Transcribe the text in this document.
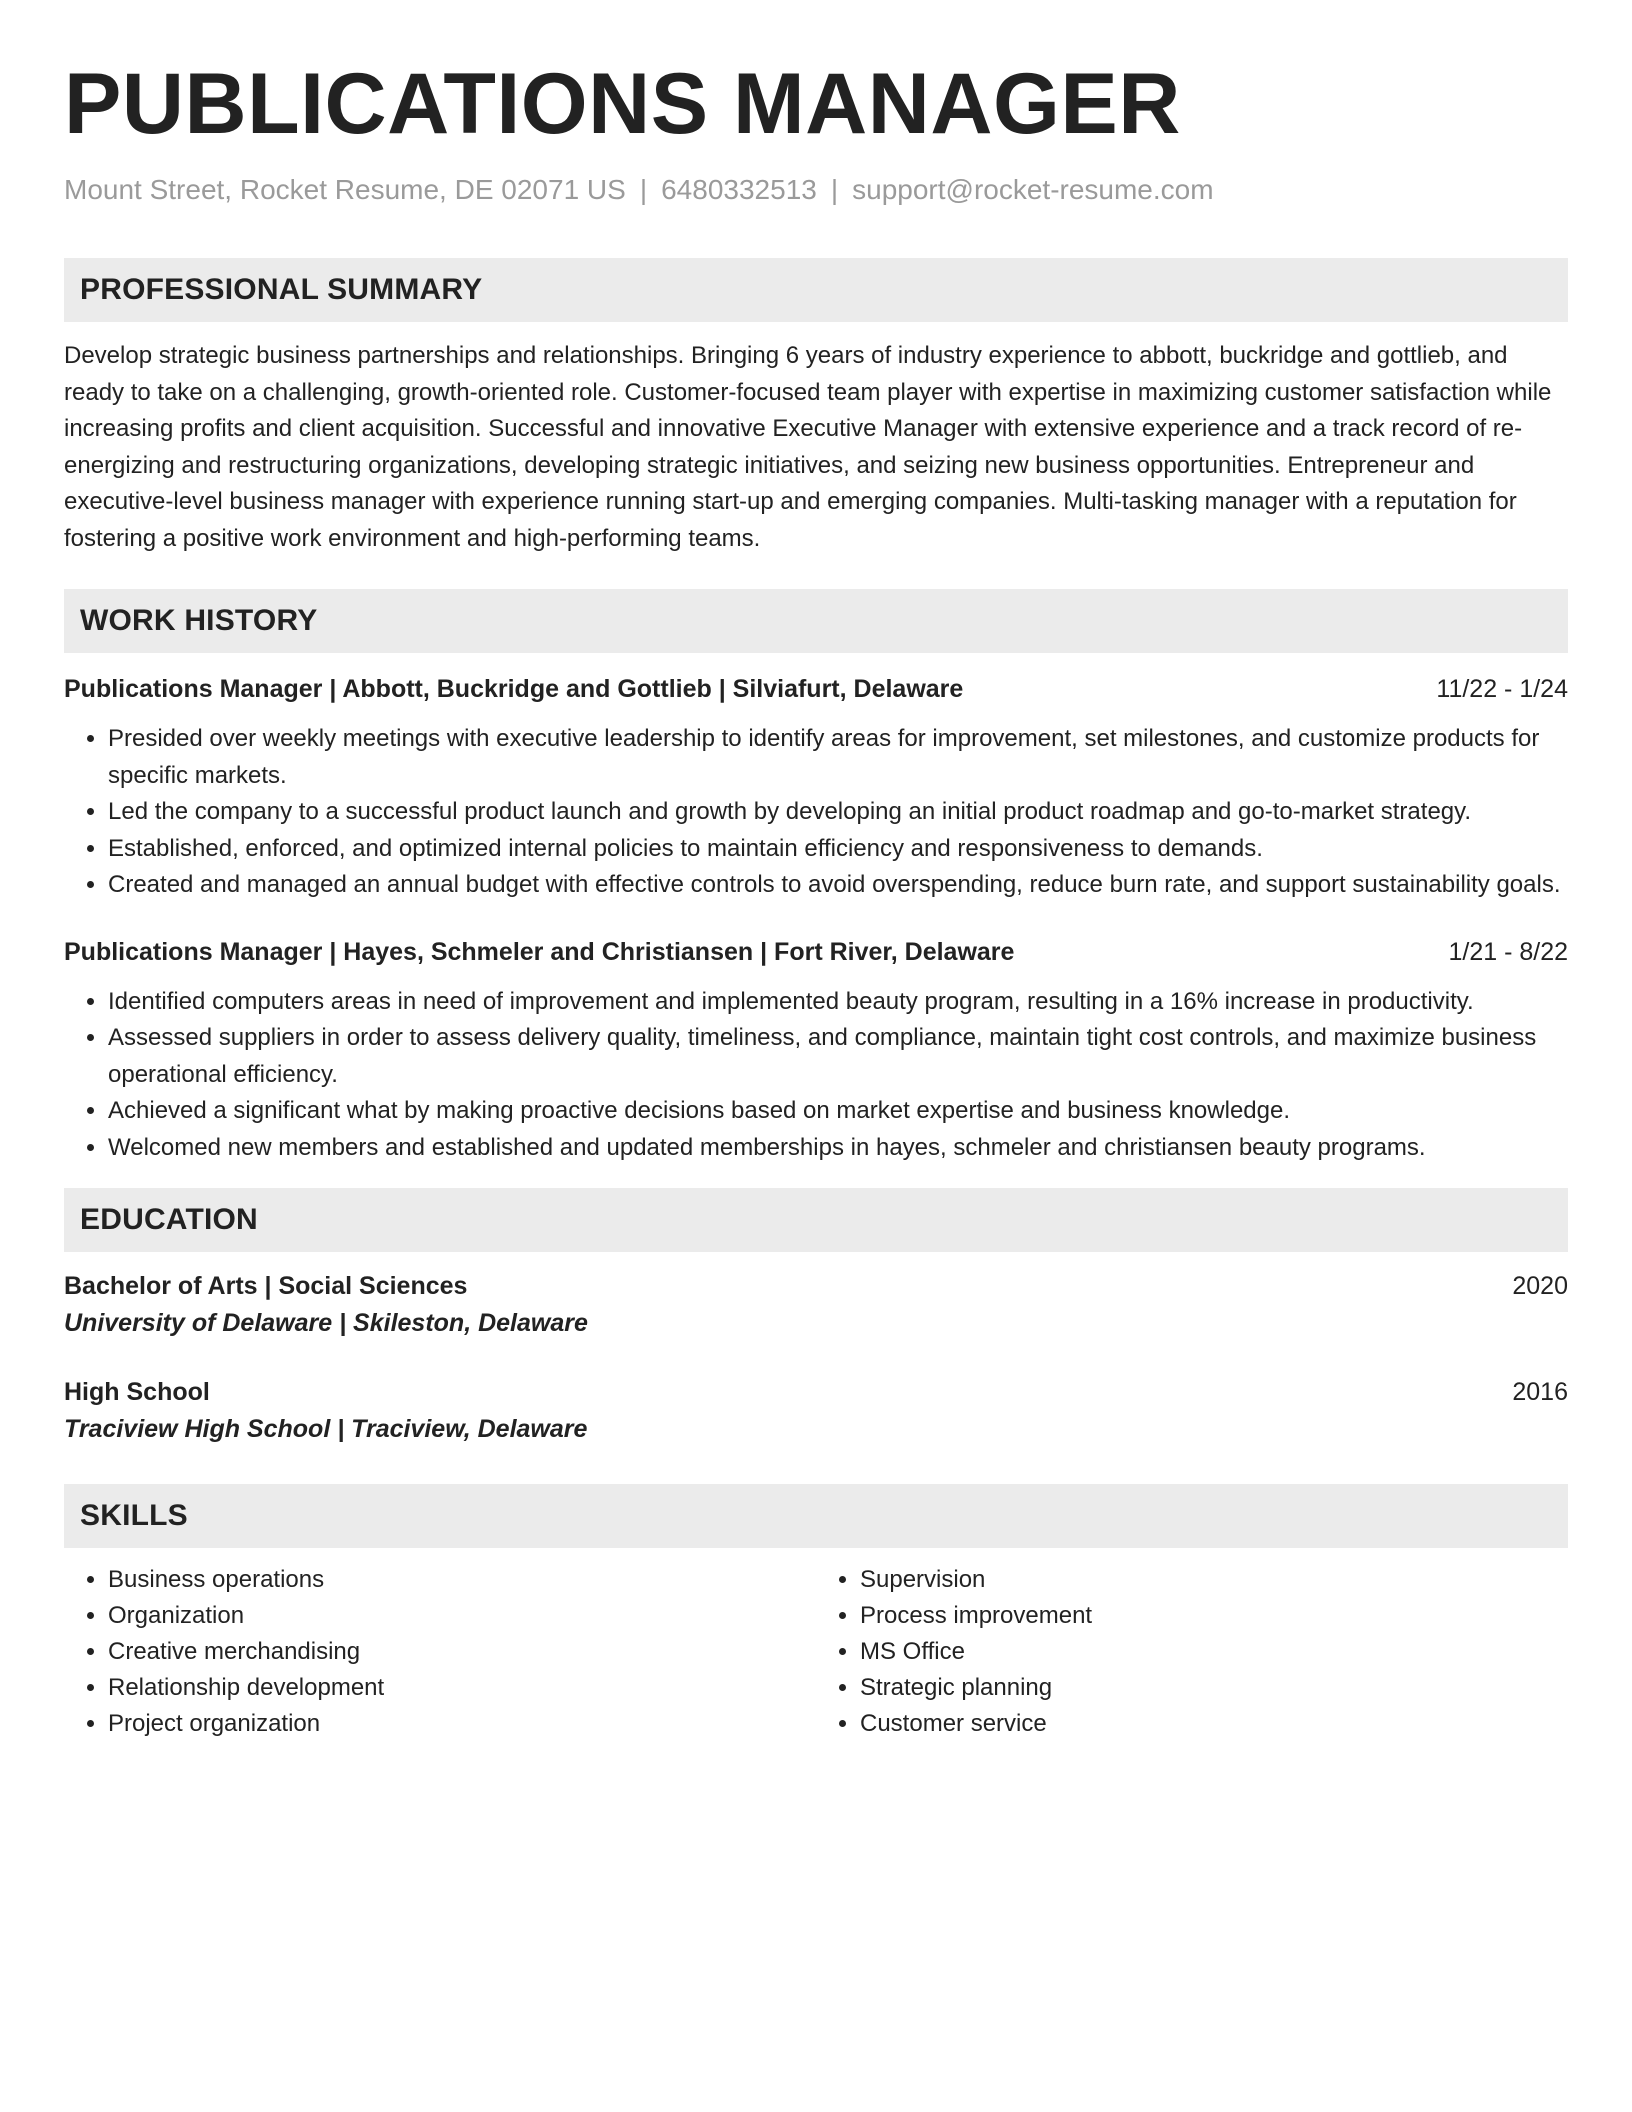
PUBLICATIONS MANAGER
Mount Street, Rocket Resume, DE 02071 US | 6480332513 | support@rocket-resume.com
PROFESSIONAL SUMMARY

Develop strategic business partnerships and relationships. Bringing 6 years of industry experience to abbott, buckridge and gottlieb, and ready to take on a challenging, growth-oriented role. Customer-focused team player with expertise in maximizing customer satisfaction while increasing profits and client acquisition. Successful and innovative Executive Manager with extensive experience and a track record of re-energizing and restructuring organizations, developing strategic initiatives, and seizing new business opportunities. Entrepreneur and executive-level business manager with experience running start-up and emerging companies. Multi-tasking manager with a reputation for fostering a positive work environment and high-performing teams.

WORK HISTORY
Publications Manager | Abbott, Buckridge and Gottlieb | Silviafurt, Delaware	11/22 - 1/24
• Presided over weekly meetings with executive leadership to identify areas for improvement, set milestones, and customize products for specific markets.
• Led the company to a successful product launch and growth by developing an initial product roadmap and go-to-market strategy.
• Established, enforced, and optimized internal policies to maintain efficiency and responsiveness to demands.
• Created and managed an annual budget with effective controls to avoid overspending, reduce burn rate, and support sustainability goals.
Publications Manager | Hayes, Schmeler and Christiansen | Fort River, Delaware	1/21 - 8/22
• Identified computers areas in need of improvement and implemented beauty program, resulting in a 16% increase in productivity.
• Assessed suppliers in order to assess delivery quality, timeliness, and compliance, maintain tight cost controls, and maximize business operational efficiency.
• Achieved a significant what by making proactive decisions based on market expertise and business knowledge.
• Welcomed new members and established and updated memberships in hayes, schmeler and christiansen beauty programs.
EDUCATION
Bachelor of Arts | Social Sciences	2020
University of Delaware | Skileston, Delaware
High School	2016
Traciview High School | Traciview, Delaware
SKILLS
• Business operations
• Organization
• Creative merchandising
• Relationship development
• Project organization
• Supervision
• Process improvement
• MS Office
• Strategic planning
• Customer service
